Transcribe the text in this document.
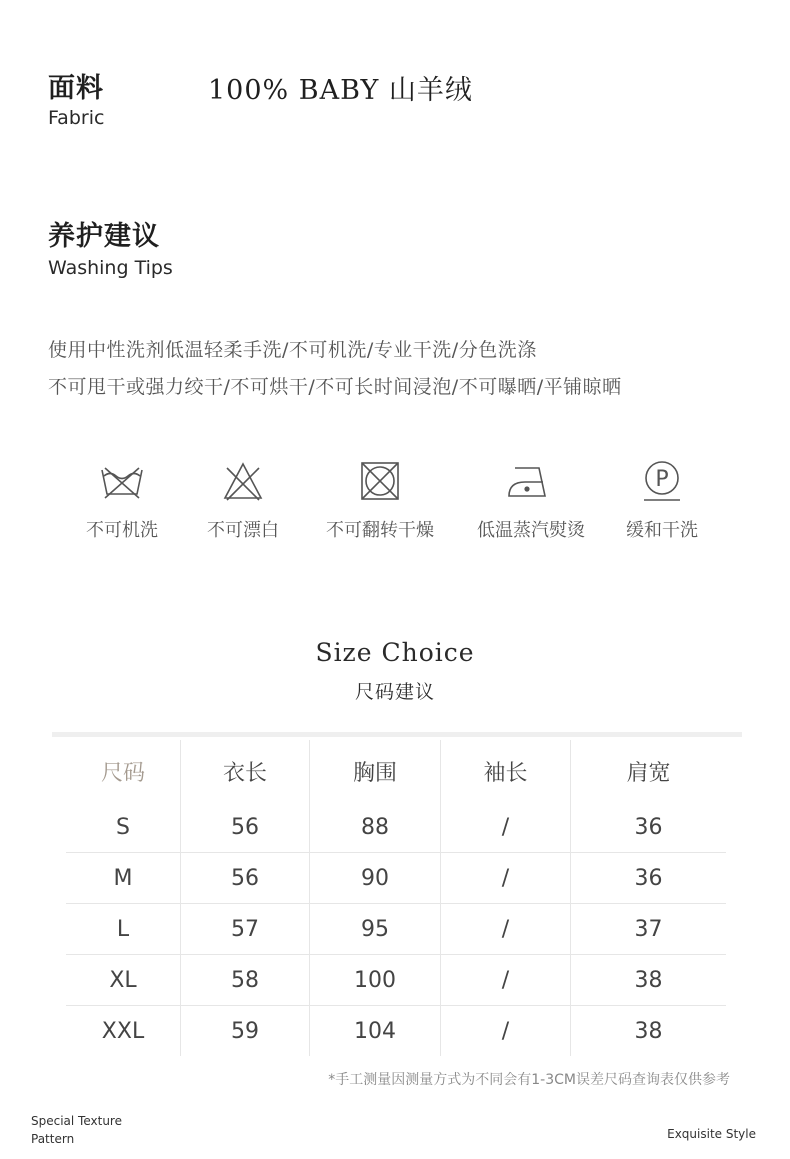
面料
Fabric
100% BABY 山羊绒
养护建议
Washing Tips
使用中性洗剂低温轻柔手洗/不可机洗/专业干洗/分色洗涤
不可甩干或强力绞干/不可烘干/不可长时间浸泡/不可曝晒/平铺晾晒
不可机洗	不可漂白	不可翻转干燥	低温蒸汽熨烫
P
缓和干洗
Size Choice
尺码建议
尺码	衣长	胸围	袖长	肩宽
S	56	88	/	36
M	56	90	/	36
L	57	95	/	37
XL	58	100	/	38
XXL	59	104	/	38
*手工测量因测量方式为不同会有1-3CM误差尺码查询表仅供参考
Special Texture
Pattern	Exquisite Style
